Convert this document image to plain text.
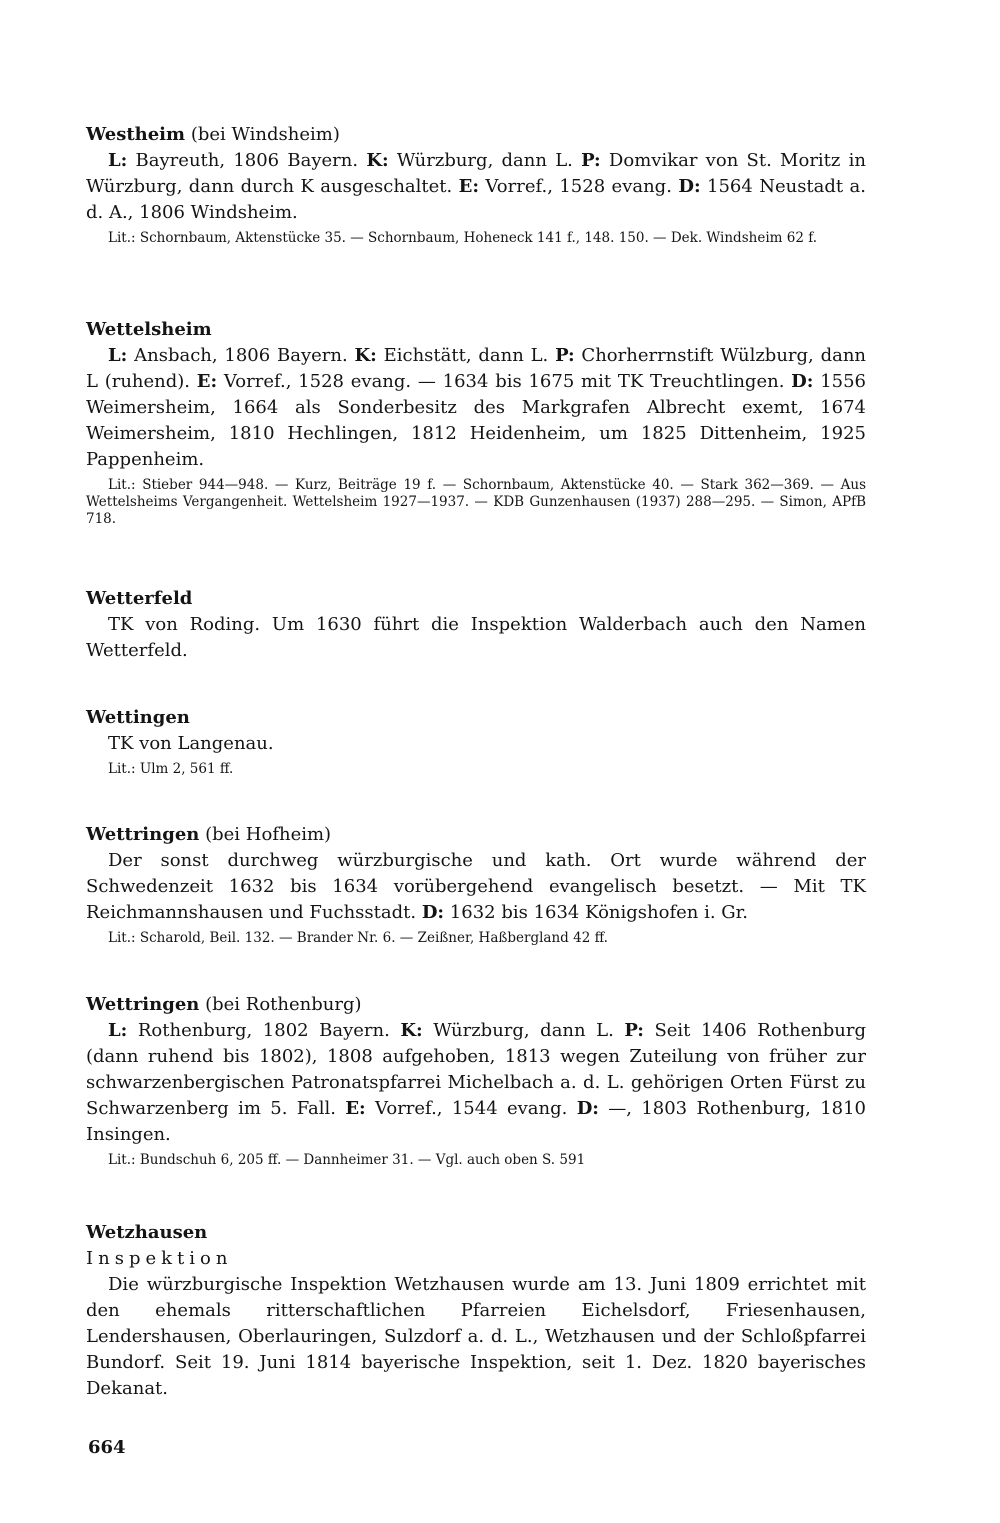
Westheim (bei Windsheim)

L: Bayreuth, 1806 Bayern. K: Würzburg, dann L. P: Domvikar von St. Moritz in Würzburg, dann durch K ausgeschaltet. E: Vorref., 1528 evang. D: 1564 Neustadt a. d. A., 1806 Windsheim.

Lit.: Schornbaum, Aktenstücke 35. — Schornbaum, Hoheneck 141 f., 148. 150. — Dek. Windsheim 62 f.

Wettelsheim

L: Ansbach, 1806 Bayern. K: Eichstätt, dann L. P: Chorherrnstift Wülzburg, dann L (ruhend). E: Vorref., 1528 evang. — 1634 bis 1675 mit TK Treuchtlingen. D: 1556 Weimersheim, 1664 als Sonderbesitz des Markgrafen Albrecht exemt, 1674 Weimersheim, 1810 Hechlingen, 1812 Heidenheim, um 1825 Dittenheim, 1925 Pappenheim.

Lit.: Stieber 944—948. — Kurz, Beiträge 19 f. — Schornbaum, Aktenstücke 40. — Stark 362—369. — Aus Wettelsheims Vergangenheit. Wettelsheim 1927—1937. — KDB Gunzenhausen (1937) 288—295. — Simon, APfB 718.

Wetterfeld

TK von Roding. Um 1630 führt die Inspektion Walderbach auch den Namen Wetterfeld.

Wettingen

TK von Langenau.

Lit.: Ulm 2, 561 ff.

Wettringen (bei Hofheim)

Der sonst durchweg würzburgische und kath. Ort wurde während der Schwedenzeit 1632 bis 1634 vorübergehend evangelisch besetzt. — Mit TK Reichmannshausen und Fuchsstadt. D: 1632 bis 1634 Königshofen i. Gr.

Lit.: Scharold, Beil. 132. — Brander Nr. 6. — Zeißner, Haßbergland 42 ff.

Wettringen (bei Rothenburg)

L: Rothenburg, 1802 Bayern. K: Würzburg, dann L. P: Seit 1406 Rothenburg (dann ruhend bis 1802), 1808 aufgehoben, 1813 wegen Zuteilung von früher zur schwarzenbergischen Patronatspfarrei Michelbach a. d. L. gehörigen Orten Fürst zu Schwarzenberg im 5. Fall. E: Vorref., 1544 evang. D: —, 1803 Rothenburg, 1810 Insingen.

Lit.: Bundschuh 6, 205 ff. — Dannheimer 31. — Vgl. auch oben S. 591

Wetzhausen

Inspektion

Die würzburgische Inspektion Wetzhausen wurde am 13. Juni 1809 errichtet mit den ehemals ritterschaftlichen Pfarreien Eichelsdorf, Friesenhausen, Lendershausen, Oberlauringen, Sulzdorf a. d. L., Wetzhausen und der Schloßpfarrei Bundorf. Seit 19. Juni 1814 bayerische Inspektion, seit 1. Dez. 1820 bayerisches Dekanat.

664
